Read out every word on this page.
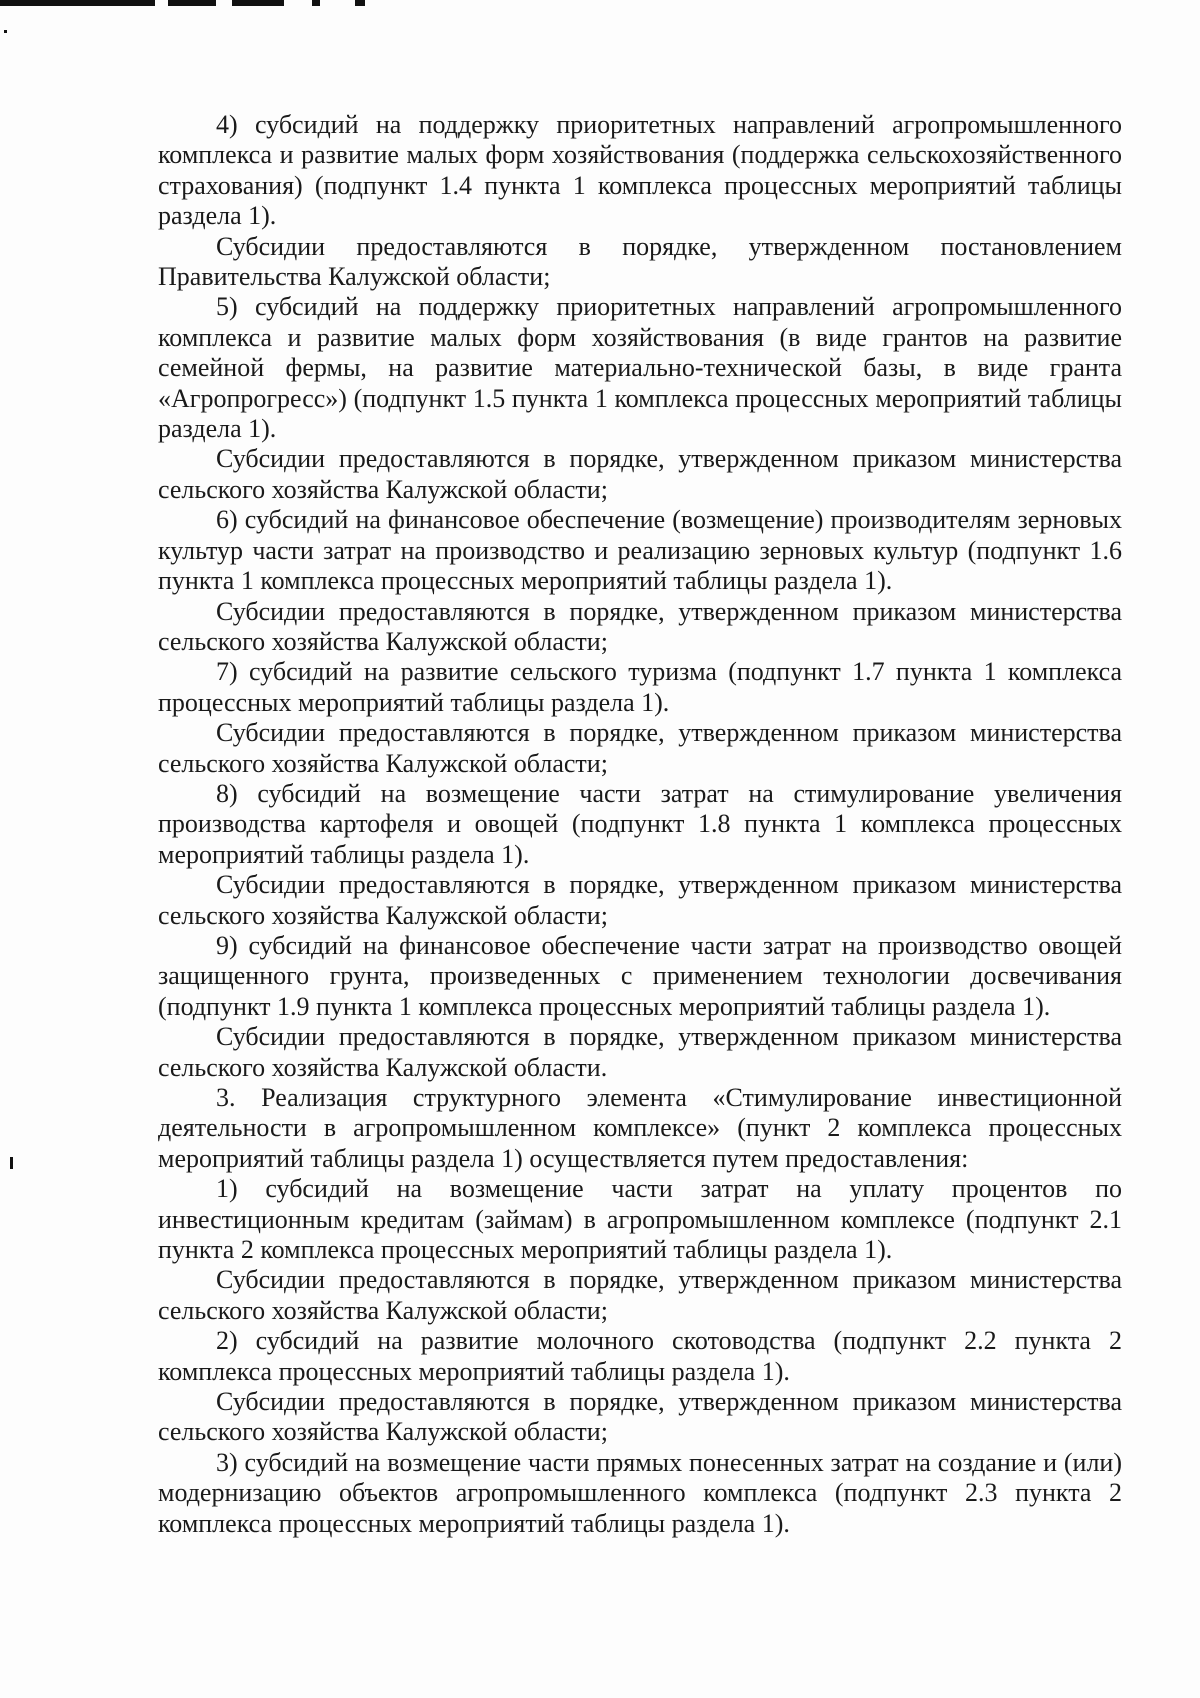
4) субсидий на поддержку приоритетных направлений агропромышленного комплекса и развитие малых форм хозяйствования (поддержка сельскохозяйственного страхования) (подпункт 1.4 пункта 1 комплекса процессных мероприятий таблицы раздела 1).

Субсидии предоставляются в порядке, утвержденном постановлением Правительства Калужской области;

5) субсидий на поддержку приоритетных направлений агропромышленного комплекса и развитие малых форм хозяйствования (в виде грантов на развитие семейной фермы, на развитие материально-технической базы, в виде гранта «Агропрогресс») (подпункт 1.5 пункта 1 комплекса процессных мероприятий таблицы раздела 1).

Субсидии предоставляются в порядке, утвержденном приказом министерства сельского хозяйства Калужской области;

6) субсидий на финансовое обеспечение (возмещение) производителям зерновых культур части затрат на производство и реализацию зерновых культур (подпункт 1.6 пункта 1 комплекса процессных мероприятий таблицы раздела 1).

Субсидии предоставляются в порядке, утвержденном приказом министерства сельского хозяйства Калужской области;

7) субсидий на развитие сельского туризма (подпункт 1.7 пункта 1 комплекса процессных мероприятий таблицы раздела 1).

Субсидии предоставляются в порядке, утвержденном приказом министерства сельского хозяйства Калужской области;

8) субсидий на возмещение части затрат на стимулирование увеличения производства картофеля и овощей (подпункт 1.8 пункта 1 комплекса процессных мероприятий таблицы раздела 1).

Субсидии предоставляются в порядке, утвержденном приказом министерства сельского хозяйства Калужской области;

9) субсидий на финансовое обеспечение части затрат на производство овощей защищенного грунта, произведенных с применением технологии досвечивания (подпункт 1.9 пункта 1 комплекса процессных мероприятий таблицы раздела 1).

Субсидии предоставляются в порядке, утвержденном приказом министерства сельского хозяйства Калужской области.

3. Реализация структурного элемента «Стимулирование инвестиционной деятельности в агропромышленном комплексе» (пункт 2 комплекса процессных мероприятий таблицы раздела 1) осуществляется путем предоставления:

1) субсидий на возмещение части затрат на уплату процентов по инвестиционным кредитам (займам) в агропромышленном комплексе (подпункт 2.1 пункта 2 комплекса процессных мероприятий таблицы раздела 1).

Субсидии предоставляются в порядке, утвержденном приказом министерства сельского хозяйства Калужской области;

2) субсидий на развитие молочного скотоводства (подпункт 2.2 пункта 2 комплекса процессных мероприятий таблицы раздела 1).

Субсидии предоставляются в порядке, утвержденном приказом министерства сельского хозяйства Калужской области;

3) субсидий на возмещение части прямых понесенных затрат на создание и (или) модернизацию объектов агропромышленного комплекса (подпункт 2.3 пункта 2 комплекса процессных мероприятий таблицы раздела 1).
